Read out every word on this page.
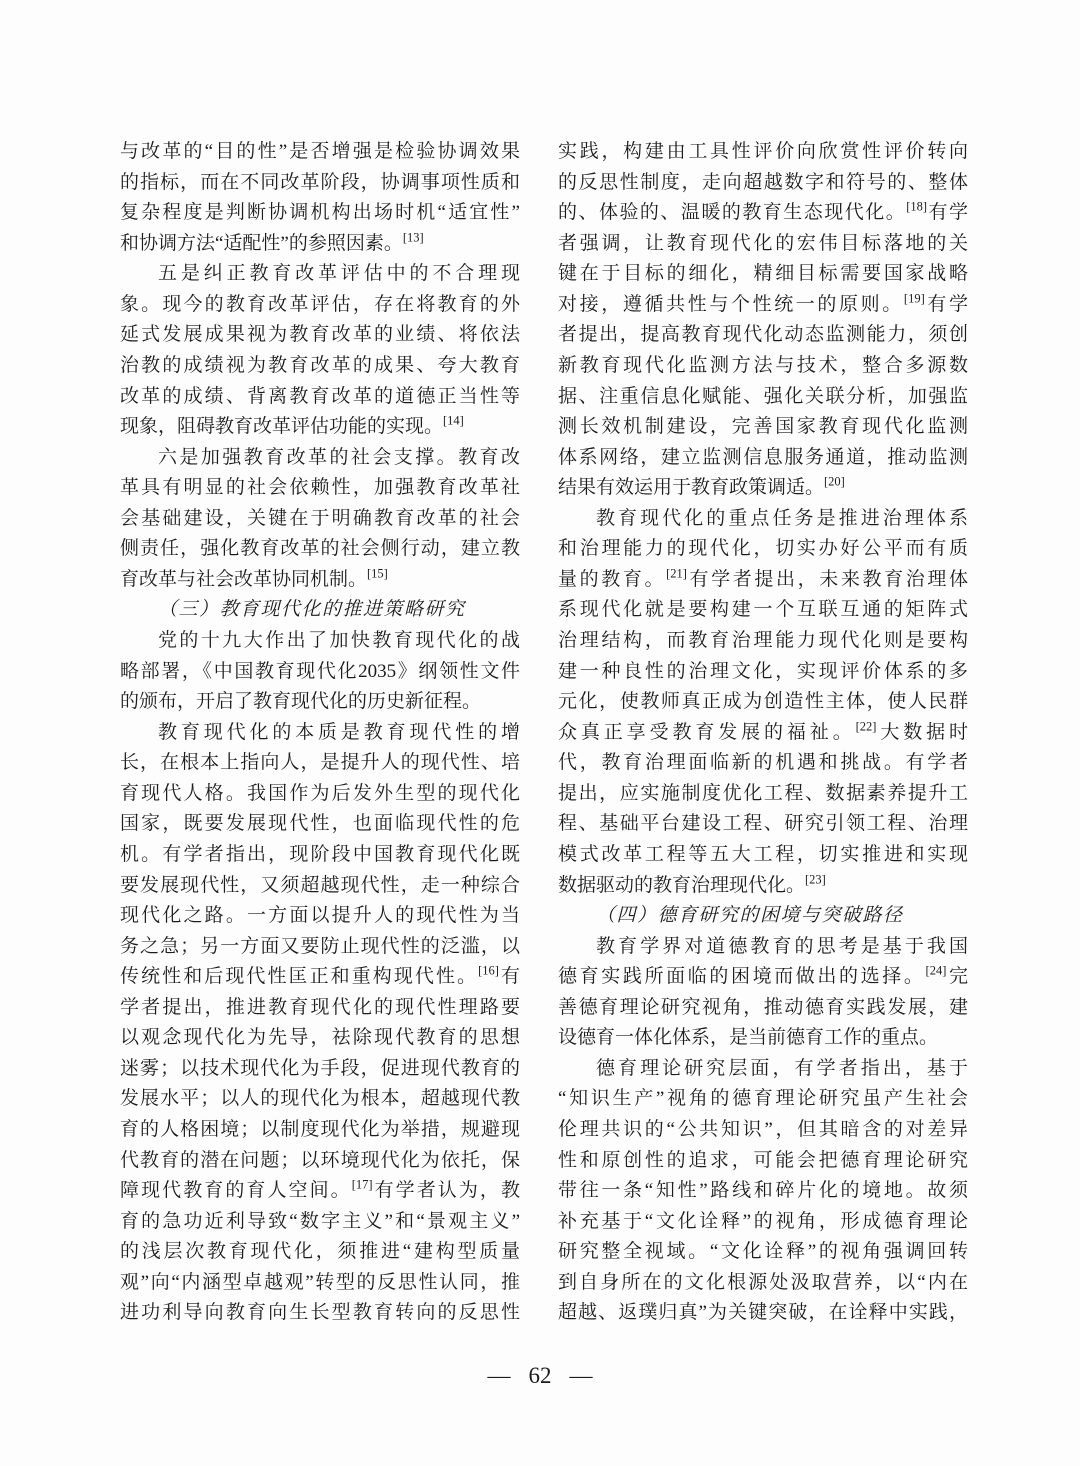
与改革的“目的性”是否增强是检验协调效果
的指标，而在不同改革阶段，协调事项性质和
复杂程度是判断协调机构出场时机“适宜性”
和协调方法“适配性”的参照因素。[13]
五是纠正教育改革评估中的不合理现
象。现今的教育改革评估，存在将教育的外
延式发展成果视为教育改革的业绩、将依法
治教的成绩视为教育改革的成果、夸大教育
改革的成绩、背离教育改革的道德正当性等
现象，阻碍教育改革评估功能的实现。[14]
六是加强教育改革的社会支撑。教育改
革具有明显的社会依赖性，加强教育改革社
会基础建设，关键在于明确教育改革的社会
侧责任，强化教育改革的社会侧行动，建立教
育改革与社会改革协同机制。[15]
（三）教育现代化的推进策略研究
党的十九大作出了加快教育现代化的战
略部署，《中国教育现代化2035》纲领性文件
的颁布，开启了教育现代化的历史新征程。
教育现代化的本质是教育现代性的增
长，在根本上指向人，是提升人的现代性、培
育现代人格。我国作为后发外生型的现代化
国家，既要发展现代性，也面临现代性的危
机。有学者指出，现阶段中国教育现代化既
要发展现代性，又须超越现代性，走一种综合
现代化之路。一方面以提升人的现代性为当
务之急；另一方面又要防止现代性的泛滥，以
传统性和后现代性匡正和重构现代性。[16]有
学者提出，推进教育现代化的现代性理路要
以观念现代化为先导，祛除现代教育的思想
迷雾；以技术现代化为手段，促进现代教育的
发展水平；以人的现代化为根本，超越现代教
育的人格困境；以制度现代化为举措，规避现
代教育的潜在问题；以环境现代化为依托，保
障现代教育的育人空间。[17]有学者认为，教
育的急功近利导致“数字主义”和“景观主义”
的浅层次教育现代化，须推进“建构型质量
观”向“内涵型卓越观”转型的反思性认同，推
进功利导向教育向生长型教育转向的反思性
实践，构建由工具性评价向欣赏性评价转向
的反思性制度，走向超越数字和符号的、整体
的、体验的、温暖的教育生态现代化。[18]有学
者强调，让教育现代化的宏伟目标落地的关
键在于目标的细化，精细目标需要国家战略
对接，遵循共性与个性统一的原则。[19]有学
者提出，提高教育现代化动态监测能力，须创
新教育现代化监测方法与技术，整合多源数
据、注重信息化赋能、强化关联分析，加强监
测长效机制建设，完善国家教育现代化监测
体系网络，建立监测信息服务通道，推动监测
结果有效运用于教育政策调适。[20]
教育现代化的重点任务是推进治理体系
和治理能力的现代化，切实办好公平而有质
量的教育。[21]有学者提出，未来教育治理体
系现代化就是要构建一个互联互通的矩阵式
治理结构，而教育治理能力现代化则是要构
建一种良性的治理文化，实现评价体系的多
元化，使教师真正成为创造性主体，使人民群
众真正享受教育发展的福祉。[22]大数据时
代，教育治理面临新的机遇和挑战。有学者
提出，应实施制度优化工程、数据素养提升工
程、基础平台建设工程、研究引领工程、治理
模式改革工程等五大工程，切实推进和实现
数据驱动的教育治理现代化。[23]
（四）德育研究的困境与突破路径
教育学界对道德教育的思考是基于我国
德育实践所面临的困境而做出的选择。[24]完
善德育理论研究视角，推动德育实践发展，建
设德育一体化体系，是当前德育工作的重点。
德育理论研究层面，有学者指出，基于
“知识生产”视角的德育理论研究虽产生社会
伦理共识的“公共知识”，但其暗含的对差异
性和原创性的追求，可能会把德育理论研究
带往一条“知性”路线和碎片化的境地。故须
补充基于“文化诠释”的视角，形成德育理论
研究整全视域。“文化诠释”的视角强调回转
到自身所在的文化根源处汲取营养，以“内在
超越、返璞归真”为关键突破，在诠释中实践，
— 62 —
